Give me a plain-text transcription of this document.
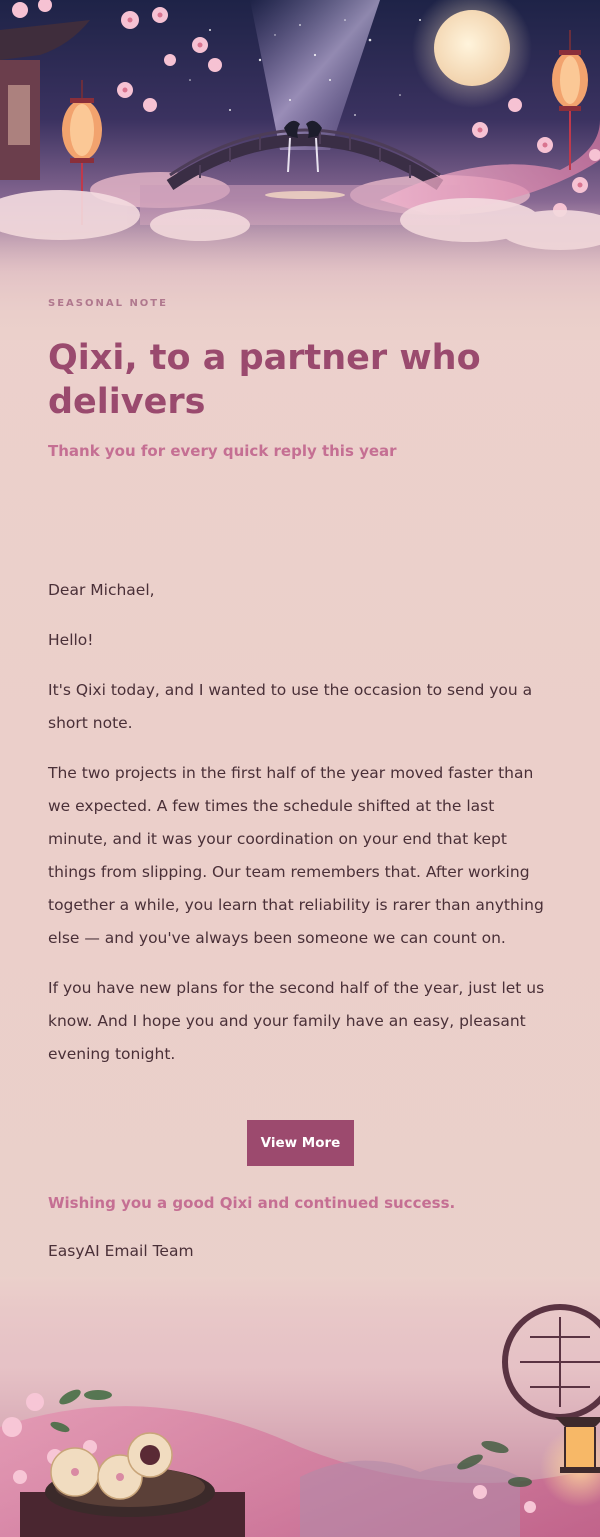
SEASONAL NOTE
Qixi, to a partner who delivers
Thank you for every quick reply this year

Dear Michael,

Hello!

It's Qixi today, and I wanted to use the occasion to send you a short note.

The two projects in the first half of the year moved faster than we expected. A few times the schedule shifted at the last minute, and it was your coordination on your end that kept things from slipping. Our team remembers that. After working together a while, you learn that reliability is rarer than anything else — and you've always been someone we can count on.

If you have new plans for the second half of the year, just let us know. And I hope you and your family have an easy, pleasant evening tonight.

View More
Wishing you a good Qixi and continued success.
EasyAI Email Team
